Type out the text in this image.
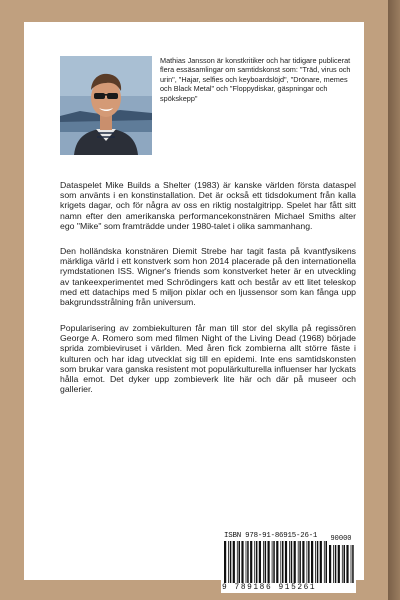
Mathias Jansson är konstkritiker och har tidigare publicerat flera essäsamlingar om samtidskonst som: "Träd, virus och urin", "Hajar, selfies och keyboardslöjd", "Drönare, memes och Black Metal" och "Floppydiskar, gäspningar och spökskepp"

Dataspelet Mike Builds a Shelter (1983) är kanske världen första dataspel som använts i en konstinstallation. Det är också ett tidsdokument från kalla krigets dagar, och för några av oss en riktig nostalgitripp. Spelet har fått sitt namn efter den amerikanska performancekonstnären Michael Smiths alter ego "Mike" som framträdde under 1980-talet i olika sammanhang.

Den holländska konstnären Diemit Strebe har tagit fasta på kvantfysikens märkliga värld i ett konstverk som hon 2014 placerade på den internationella rymdstationen ISS. Wigner's friends som konstverket heter är en utveckling av tankeexperimentet med Schrödingers katt och består av ett litet teleskop med ett datachips med 5 miljon pixlar och en ljussensor som kan fånga upp bakgrundsstrålning från universum.

Popularisering av zombiekulturen får man till stor del skylla på regissören George A. Romero som med filmen Night of the Living Dead (1968) började sprida zombieviruset i världen. Med åren fick zombierna allt större fäste i kulturen och har idag utvecklat sig till en epidemi. Inte ens samtidskonsten som brukar vara ganska resistent mot populärkulturella influenser har lyckats hålla emot. Det dyker upp zombieverk lite här och där på museer och gallerier.

ISBN 978-91-86915-26-1	90000
9 789186 915261
